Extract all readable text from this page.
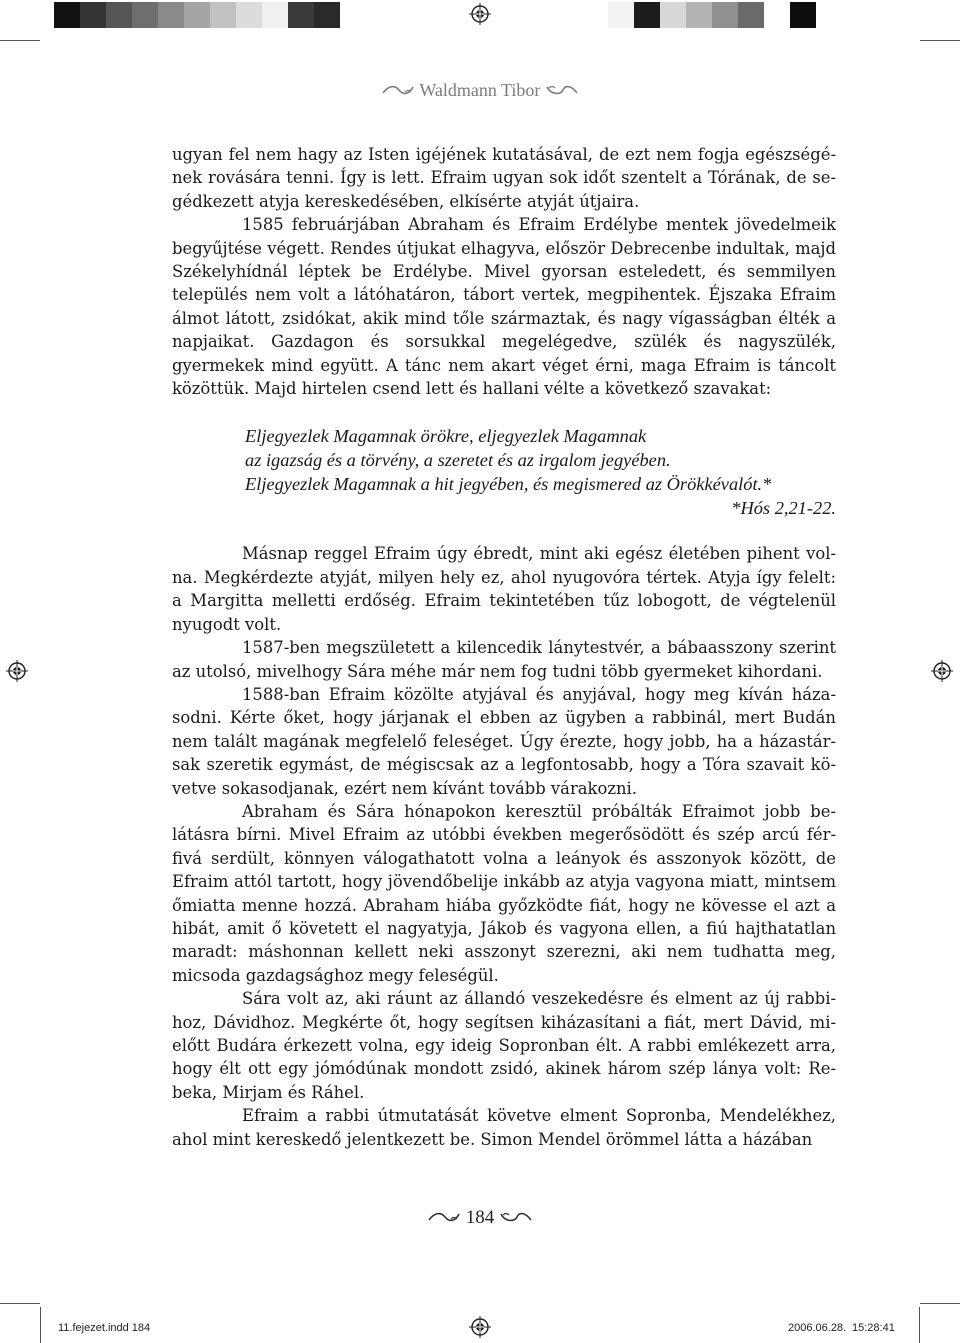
Waldmann Tibor

ugyan fel nem hagy az Isten igéjének kutatásával, de ezt nem fogja egészségének rovására tenni. Így is lett. Efraim ugyan sok időt szentelt a Tórának, de segédkezett atyja kereskedésében, elkísérte atyját útjaira.

1585 februárjában Abraham és Efraim Erdélybe mentek jövedelmeik begyűjtése végett. Rendes útjukat elhagyva, először Debrecenbe indultak, majd Székelyhídnál léptek be Erdélybe. Mivel gyorsan esteledett, és semmilyen település nem volt a látóhatáron, tábort vertek, megpihentek. Éjszaka Efraim álmot látott, zsidókat, akik mind tőle származtak, és nagy vígasságban élték a napjaikat. Gazdagon és sorsukkal megelégedve, szülék és nagyszülék, gyermekek mind együtt. A tánc nem akart véget érni, maga Efraim is táncolt közöttük. Majd hirtelen csend lett és hallani vélte a következő szavakat:

Eljegyezlek Magamnak örökre, eljegyezlek Magamnak
az igazság és a törvény, a szeretet és az irgalom jegyében.
Eljegyezlek Magamnak a hit jegyében, és megismered az Örökkévalót.*
*Hós 2,21-22.

Másnap reggel Efraim úgy ébredt, mint aki egész életében pihent volna. Megkérdezte atyját, milyen hely ez, ahol nyugovóra tértek. Atyja így felelt: a Margitta melletti erdőség. Efraim tekintetében tűz lobogott, de végtelenül nyugodt volt.

1587-ben megszületett a kilencedik lánytestvér, a bábaasszony szerint az utolsó, mivelhogy Sára méhe már nem fog tudni több gyermeket kihordani.

1588-ban Efraim közölte atyjával és anyjával, hogy meg kíván házasodni. Kérte őket, hogy járjanak el ebben az ügyben a rabbinál, mert Budán nem talált magának megfelelő feleséget. Úgy érezte, hogy jobb, ha a házastársak szeretik egymást, de mégiscsak az a legfontosabb, hogy a Tóra szavait követve sokasodjanak, ezért nem kívánt tovább várakozni.

Abraham és Sára hónapokon keresztül próbálták Efraimot jobb belátásra bírni. Mivel Efraim az utóbbi években megerősödött és szép arcú férfivá serdült, könnyen válogathatott volna a leányok és asszonyok között, de Efraim attól tartott, hogy jövendőbelije inkább az atyja vagyona miatt, mintsem őmiatta menne hozzá. Abraham hiába győzködte fiát, hogy ne kövesse el azt a hibát, amit ő követett el nagyatyja, Jákob és vagyona ellen, a fiú hajthatatlan maradt: máshonnan kellett neki asszonyt szerezni, aki nem tudhatta meg, micsoda gazdagsághoz megy feleségül.

Sára volt az, aki ráunt az állandó veszekedésre és elment az új rabbihoz, Dávidhoz. Megkérte őt, hogy segítsen kiházasítani a fiát, mert Dávid, mielőtt Budára érkezett volna, egy ideig Sopronban élt. A rabbi emlékezett arra, hogy élt ott egy jómódúnak mondott zsidó, akinek három szép lánya volt: Rebeka, Mirjam és Ráhel.

Efraim a rabbi útmutatását követve elment Sopronba, Mendelékhez, ahol mint kereskedő jelentkezett be. Simon Mendel örömmel látta a házában

184
11.fejezet.indd 184	2006.06.28. 15:28:41
